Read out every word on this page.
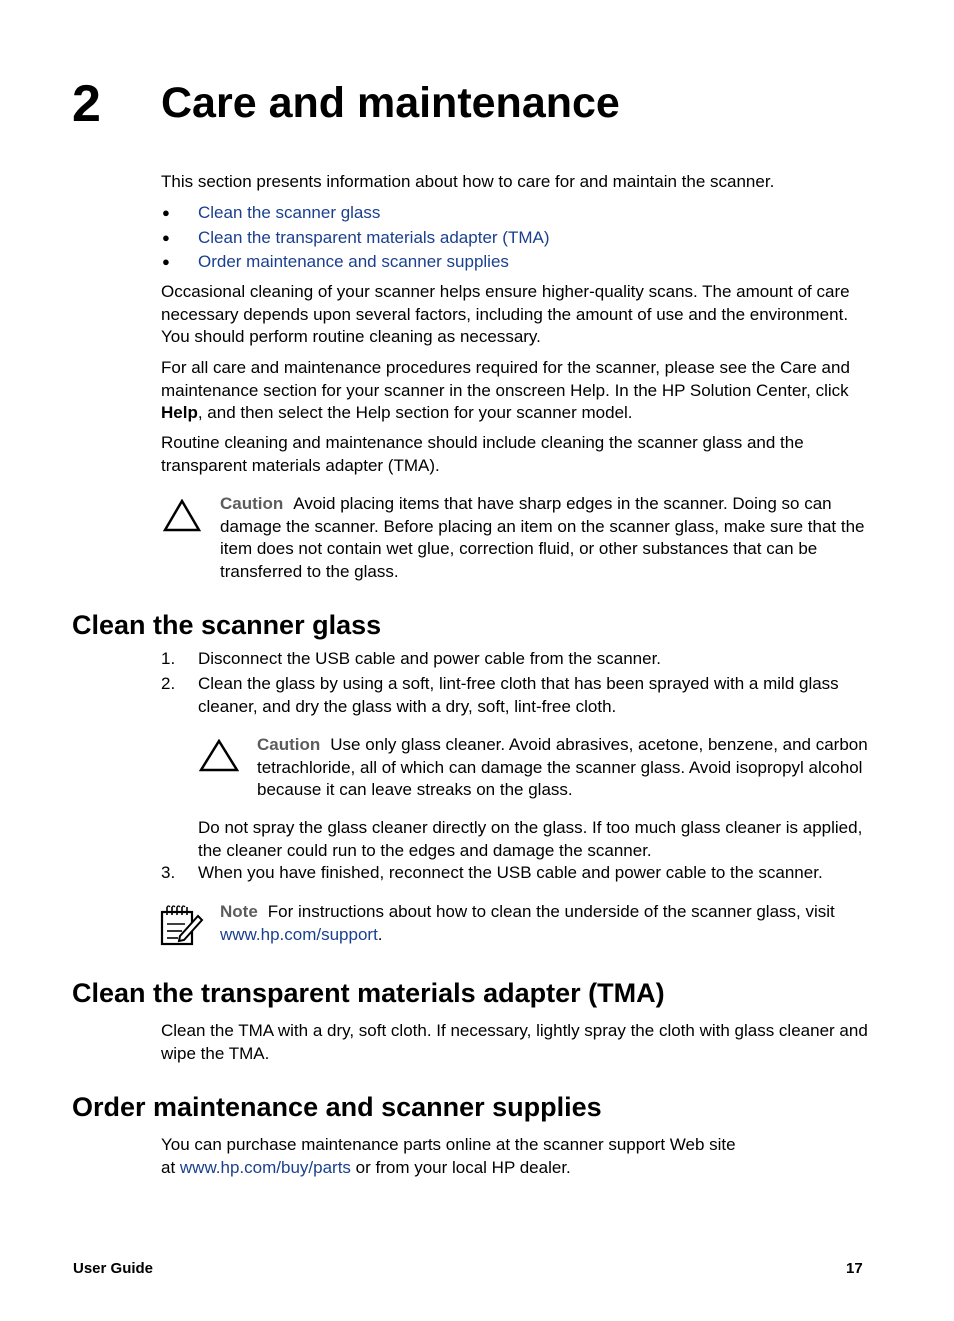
2 Care and maintenance

This section presents information about how to care for and maintain the scanner.

● Clean the scanner glass
● Clean the transparent materials adapter (TMA)
● Order maintenance and scanner supplies

Occasional cleaning of your scanner helps ensure higher-quality scans. The amount of care necessary depends upon several factors, including the amount of use and the environment. You should perform routine cleaning as necessary.

For all care and maintenance procedures required for the scanner, please see the Care and maintenance section for your scanner in the onscreen Help. In the HP Solution Center, click Help, and then select the Help section for your scanner model.

Routine cleaning and maintenance should include cleaning the scanner glass and the transparent materials adapter (TMA).

Caution Avoid placing items that have sharp edges in the scanner. Doing so can damage the scanner. Before placing an item on the scanner glass, make sure that the item does not contain wet glue, correction fluid, or other substances that can be transferred to the glass.

Clean the scanner glass
1. Disconnect the USB cable and power cable from the scanner.
2. Clean the glass by using a soft, lint-free cloth that has been sprayed with a mild glass cleaner, and dry the glass with a dry, soft, lint-free cloth.

Caution Use only glass cleaner. Avoid abrasives, acetone, benzene, and carbon tetrachloride, all of which can damage the scanner glass. Avoid isopropyl alcohol because it can leave streaks on the glass.

Do not spray the glass cleaner directly on the glass. If too much glass cleaner is applied, the cleaner could run to the edges and damage the scanner.

3. When you have finished, reconnect the USB cable and power cable to the scanner.

Note For instructions about how to clean the underside of the scanner glass, visit www.hp.com/support.

Clean the transparent materials adapter (TMA)

Clean the TMA with a dry, soft cloth. If necessary, lightly spray the cloth with glass cleaner and wipe the TMA.

Order maintenance and scanner supplies

You can purchase maintenance parts online at the scanner support Web site
at www.hp.com/buy/parts or from your local HP dealer.

User Guide	17
